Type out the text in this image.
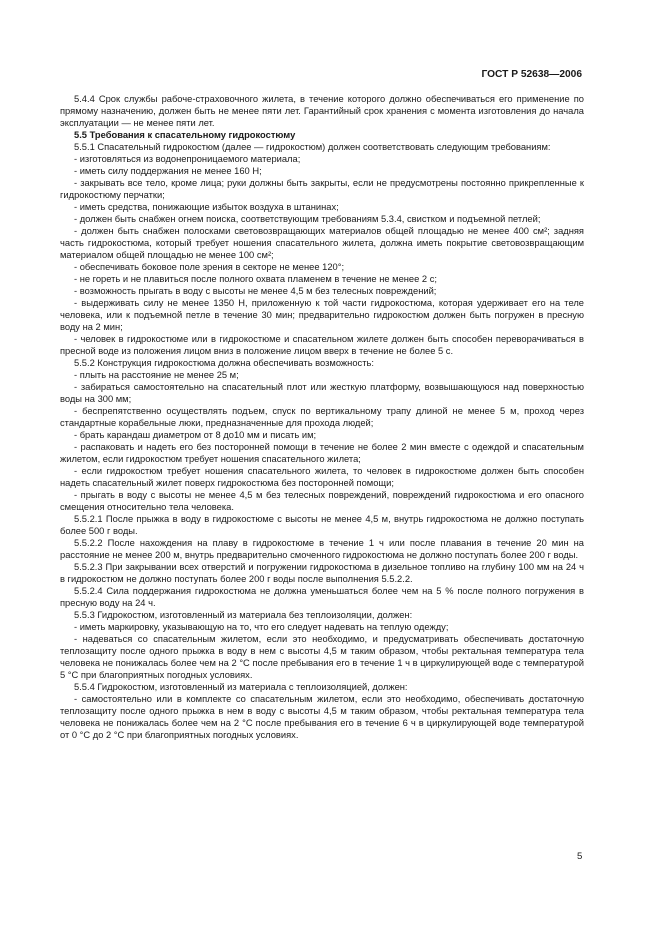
ГОСТ Р 52638—2006

5.4.4 Срок службы рабоче-страховочного жилета, в течение которого должно обеспечиваться его применение по прямому назначению, должен быть не менее пяти лет. Гарантийный срок хранения с момента изготовления до начала эксплуатации — не менее пяти лет.

5.5 Требования к спасательному гидрокостюму

5.5.1 Спасательный гидрокостюм (далее — гидрокостюм) должен соответствовать следующим требованиям:

- изготовляться из водонепроницаемого материала;

- иметь силу поддержания не менее 160 Н;

- закрывать все тело, кроме лица; руки должны быть закрыты, если не предусмотрены постоянно прикрепленные к гидрокостюму перчатки;

- иметь средства, понижающие избыток воздуха в штанинах;

- должен быть снабжен огнем поиска, соответствующим требованиям 5.3.4, свистком и подъемной петлей;

- должен быть снабжен полосками световозвращающих материалов общей площадью не менее 400 см²; задняя часть гидрокостюма, который требует ношения спасательного жилета, должна иметь покрытие световозвращающим материалом общей площадью не менее 100 см²;

- обеспечивать боковое поле зрения в секторе не менее 120°;

- не гореть и не плавиться после полного охвата пламенем в течение не менее 2 с;

- возможность прыгать в воду с высоты не менее 4,5 м без телесных повреждений;

- выдерживать силу не менее 1350 Н, приложенную к той части гидрокостюма, которая удерживает его на теле человека, или к подъемной петле в течение 30 мин; предварительно гидрокостюм должен быть погружен в пресную воду на 2 мин;

- человек в гидрокостюме или в гидрокостюме и спасательном жилете должен быть способен переворачиваться в пресной воде из положения лицом вниз в положение лицом вверх в течение не более 5 с.

5.5.2 Конструкция гидрокостюма должна обеспечивать возможность:

- плыть на расстояние не менее 25 м;

- забираться самостоятельно на спасательный плот или жесткую платформу, возвышающуюся над поверхностью воды на 300 мм;

- беспрепятственно осуществлять подъем, спуск по вертикальному трапу длиной не менее 5 м, проход через стандартные корабельные люки, предназначенные для прохода людей;

- брать карандаш диаметром от 8 до10 мм и писать им;

- распаковать и надеть его без посторонней помощи в течение не более 2 мин вместе с одеждой и спасательным жилетом, если гидрокостюм требует ношения спасательного жилета;

- если гидрокостюм требует ношения спасательного жилета, то человек в гидрокостюме должен быть способен надеть спасательный жилет поверх гидрокостюма без посторонней помощи;

- прыгать в воду с высоты не менее 4,5 м без телесных повреждений, повреждений гидрокостюма и его опасного смещения относительно тела человека.

5.5.2.1 После прыжка в воду в гидрокостюме с высоты не менее 4,5 м, внутрь гидрокостюма не должно поступать более 500 г воды.

5.5.2.2 После нахождения на плаву в гидрокостюме в течение 1 ч или после плавания в течение 20 мин на расстояние не менее 200 м, внутрь предварительно смоченного гидрокостюма не должно поступать более 200 г воды.

5.5.2.3 При закрывании всех отверстий и погружении гидрокостюма в дизельное топливо на глубину 100 мм на 24 ч в гидрокостюм не должно поступать более 200 г воды после выполнения 5.5.2.2.

5.5.2.4 Сила поддержания гидрокостюма не должна уменьшаться более чем на 5 % после полного погружения в пресную воду на 24 ч.

5.5.3 Гидрокостюм, изготовленный из материала без теплоизоляции, должен:

- иметь маркировку, указывающую на то, что его следует надевать на теплую одежду;

- надеваться со спасательным жилетом, если это необходимо, и предусматривать обеспечивать достаточную теплозащиту после одного прыжка в воду в нем с высоты 4,5 м таким образом, чтобы ректальная температура тела человека не понижалась более чем на 2 °С после пребывания его в течение 1 ч в циркулирующей воде с температурой 5 °С при благоприятных погодных условиях.

5.5.4 Гидрокостюм, изготовленный из материала с теплоизоляцией, должен:

- самостоятельно или в комплекте со спасательным жилетом, если это необходимо, обеспечивать достаточную теплозащиту после одного прыжка в нем в воду с высоты 4,5 м таким образом, чтобы ректальная температура тела человека не понижалась более чем на 2 °С после пребывания его в течение 6 ч в циркулирующей воде температурой от 0 °С до 2 °С при благоприятных погодных условиях.

5
